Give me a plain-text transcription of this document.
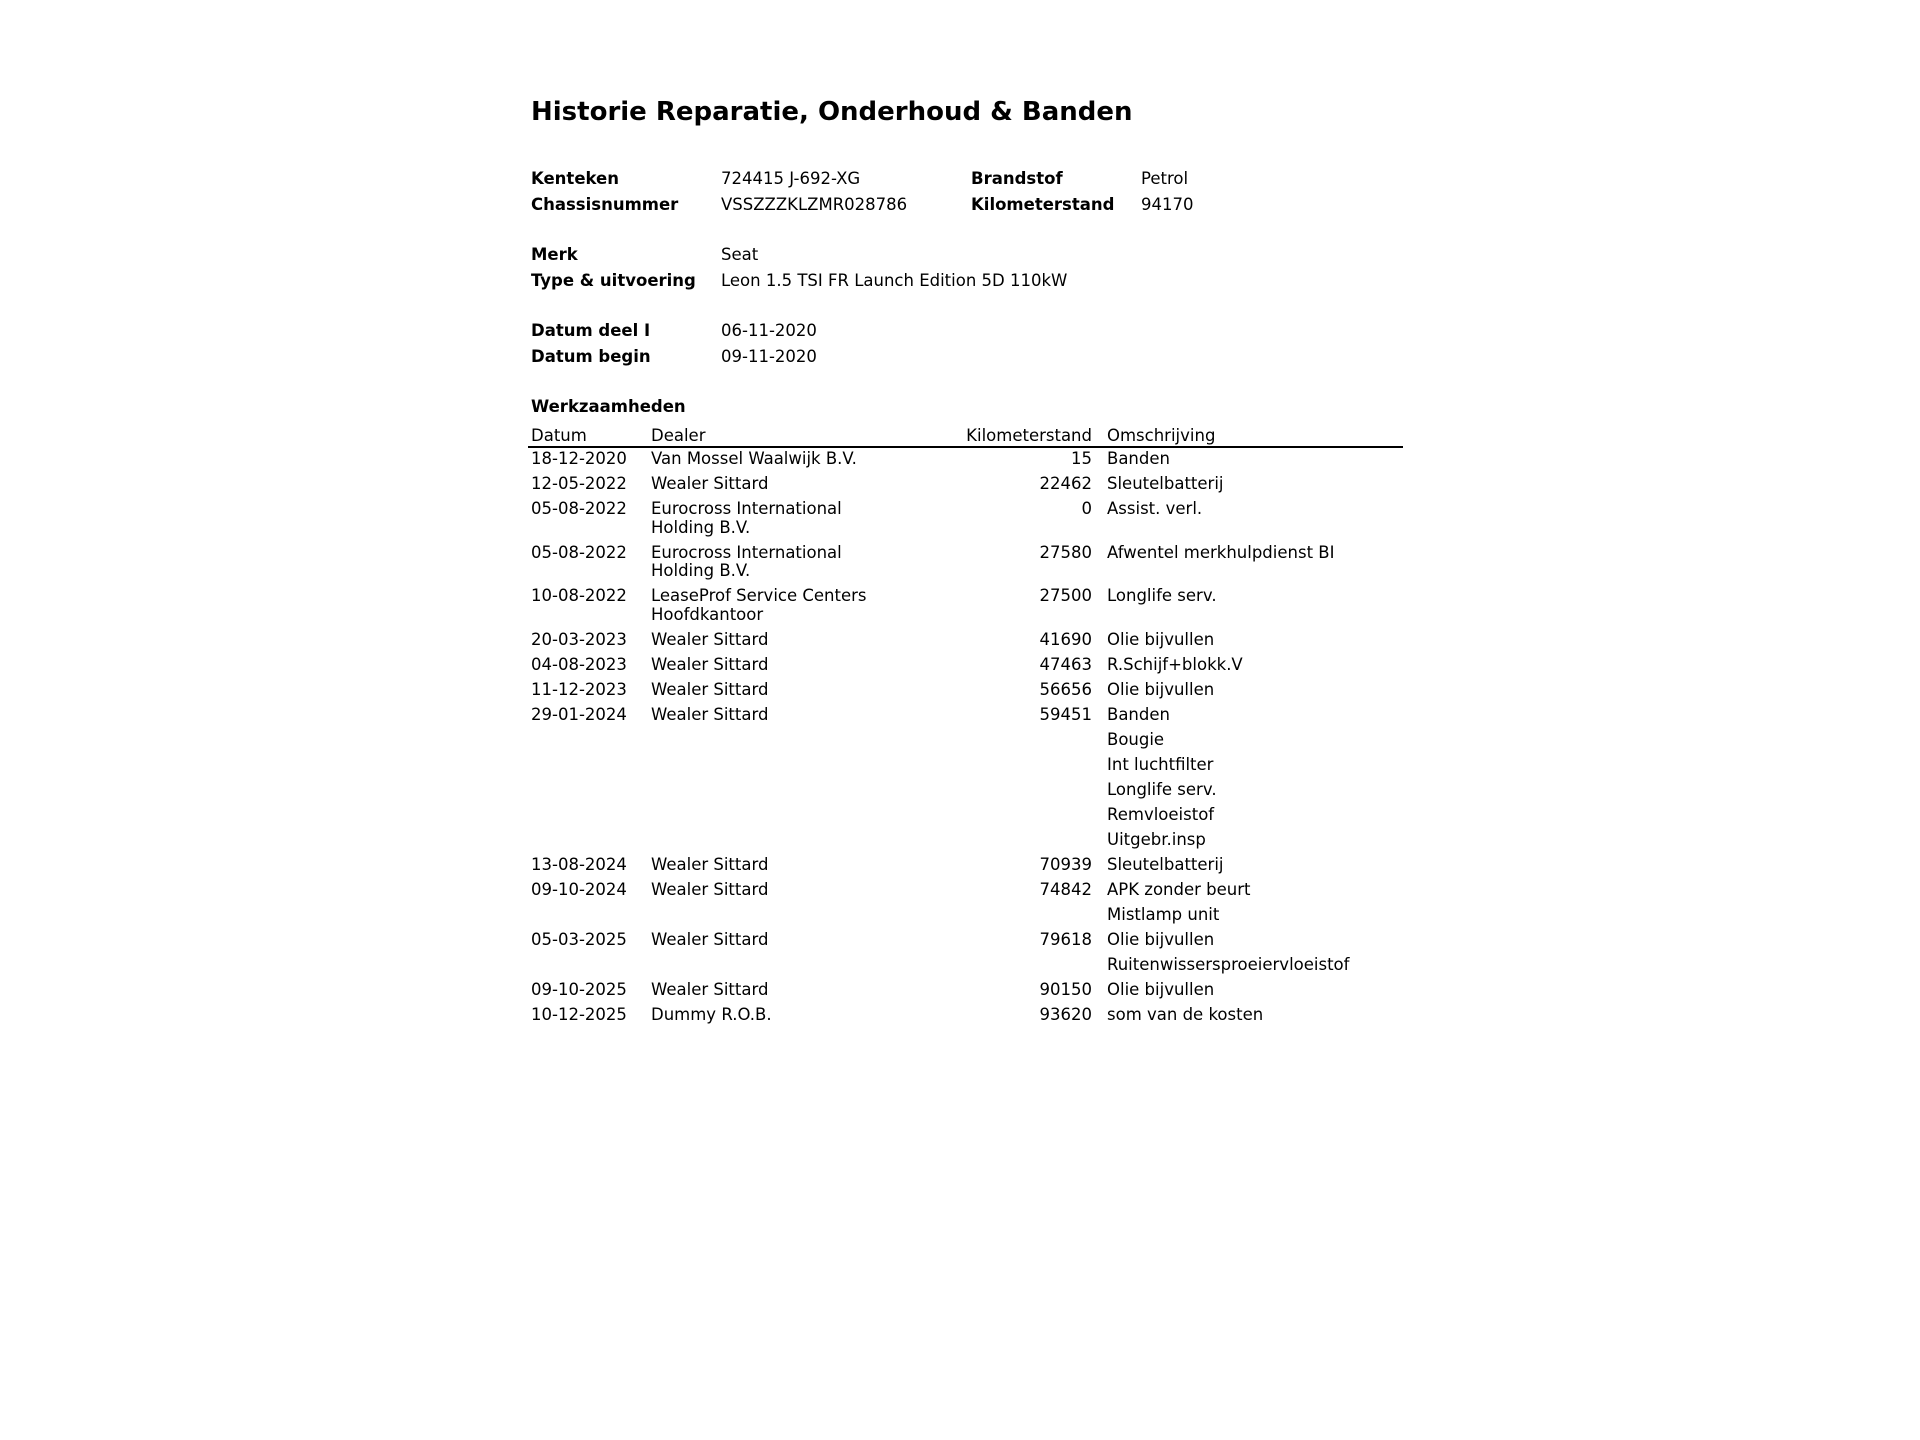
Historie Reparatie, Onderhoud & Banden
Kenteken	724415 J-692-XG	Brandstof	Petrol
Chassisnummer	VSSZZZKLZMR028786	Kilometerstand 94170
Merk	Seat
Type & uitvoering Leon 1.5 TSI FR Launch Edition 5D 110kW
Datum deel I	06-11-2020
Datum begin	09-11-2020
Werkzaamheden
Datum	Dealer	Kilometerstand	Omschrijving
18-12-2020	Van Mossel Waalwijk B.V.	15	Banden
12-05-2022	Wealer Sittard	22462	Sleutelbatterij
05-08-2022	Eurocross International Holding B.V.	0	Assist. verl.
05-08-2022	Eurocross International Holding B.V.	27580	Afwentel merkhulpdienst BI
10-08-2022	LeaseProf Service Centers Hoofdkantoor	27500	Longlife serv.
20-03-2023	Wealer Sittard	41690	Olie bijvullen
04-08-2023	Wealer Sittard	47463	R.Schijf+blokk.V
11-12-2023	Wealer Sittard	56656	Olie bijvullen
29-01-2024	Wealer Sittard	59451	Banden
			Bougie
			Int luchtfilter
			Longlife serv.
			Remvloeistof
			Uitgebr.insp
13-08-2024	Wealer Sittard	70939	Sleutelbatterij
09-10-2024	Wealer Sittard	74842	APK zonder beurt
			Mistlamp unit
05-03-2025	Wealer Sittard	79618	Olie bijvullen
			Ruitenwissersproeiervloeistof
09-10-2025	Wealer Sittard	90150	Olie bijvullen
10-12-2025	Dummy R.O.B.	93620	som van de kosten
